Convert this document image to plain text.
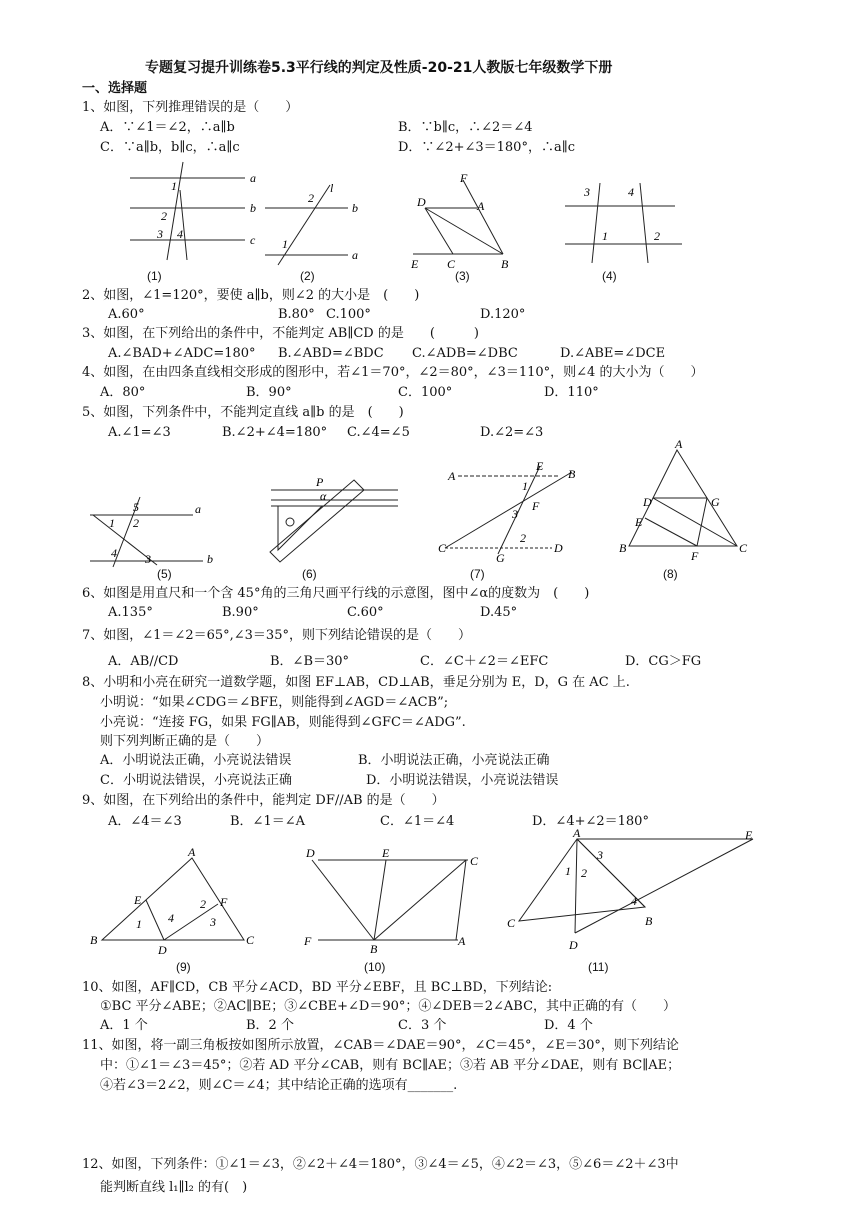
专题复习提升训练卷5.3平行线的判定及性质-20-21人教版七年级数学下册
一、选择题
1、如图，下列推理错误的是（　　）
A．∵∠1＝∠2，∴a∥b	B．∵b∥c，∴∠2＝∠4
C．∵a∥b，b∥c，∴a∥c	D．∵∠2+∠3＝180°，∴a∥c
a
b
c
1
2
3 4
(1)
l
b
a
1
2
(2)
F
D	A
E C	B
(3)
3	4
1	2
(4)
2、如图，∠1=120°，要使 a∥b，则∠2 的大小是　(　　)
A.60°	B.80° C.100°	D.120°
3、如图，在下列给出的条件中，不能判定 AB∥CD 的是　　(　　　)
A.∠BAD+∠ADC=180° B.∠ABD=∠BDC C.∠ADB=∠DBC	D.∠ABE=∠DCE
4、如图，在由四条直线相交形成的图形中，若∠1＝70°，∠2＝80°，∠3＝110°，则∠4 的大小为（　　）
A．80°	B．90°	C．100°	D．110°
5、如图，下列条件中，不能判定直线 a∥b 的是　(　　)
A.∠1=∠3	B.∠2+∠4=180° C.∠4=∠5	D.∠2=∠3
5
1 2
a
4 3	b
(5)
P
α
(6)
A
E
B
1
F
3
2
C
G
D
(7)
A
D	G
E
B
F
C
(8)
6、如图是用直尺和一个含 45°角的三角尺画平行线的示意图，图中∠α的度数为　(　　)
A.135°	B.90°	C.60°	D.45°
7、如图，∠1＝∠2＝65°,∠3＝35°，则下列结论错误的是（　　）
A．AB//CD	B．∠B＝30°	C．∠C＋∠2＝∠EFC	D．CG＞FG
8、小明和小亮在研究一道数学题，如图 EF⊥AB，CD⊥AB，垂足分别为 E，D，G 在 AC 上.
小明说：“如果∠CDG＝∠BFE，则能得到∠AGD＝∠ACB”;
小亮说：“连接 FG，如果 FG∥AB，则能得到∠GFC＝∠ADG”.
则下列判断正确的是（　　）
A．小明说法正确，小亮说法错误	B．小明说法正确，小亮说法正确
C．小明说法错误，小亮说法正确	D．小明说法错误，小亮说法错误
9、如图，在下列给出的条件中，能判定 DF//AB 的是（　　）
A．∠4＝∠3	B．∠1＝∠A	C．∠1＝∠4	D．∠4+∠2＝180°
A
E	F
1
2
3
4
B
D
C
(9)
D	E
C
F
B
A
(10)
A	E
3
1 2
C
4
B
D
(11)
10、如图，AF∥CD，CB 平分∠ACD，BD 平分∠EBF，且 BC⊥BD，下列结论:
①BC 平分∠ABE；②AC∥BE；③∠CBE+∠D＝90°；④∠DEB＝2∠ABC，其中正确的有（　　）
A．1 个	B．2 个	C．3 个	D．4 个
11、如图，将一副三角板按如图所示放置，∠CAB＝∠DAE＝90°，∠C＝45°，∠E＝30°，则下列结论
中：①∠1＝∠3＝45°；②若 AD 平分∠CAB，则有 BC∥AE；③若 AB 平分∠DAE，则有 BC∥AE；
④若∠3＝2∠2，则∠C＝∠4；其中结论正确的选项有_______.
12、如图，下列条件：①∠1＝∠3，②∠2＋∠4＝180°，③∠4＝∠5，④∠2＝∠3，⑤∠6＝∠2＋∠3中
能判断直线 l₁∥l₂ 的有(　)
